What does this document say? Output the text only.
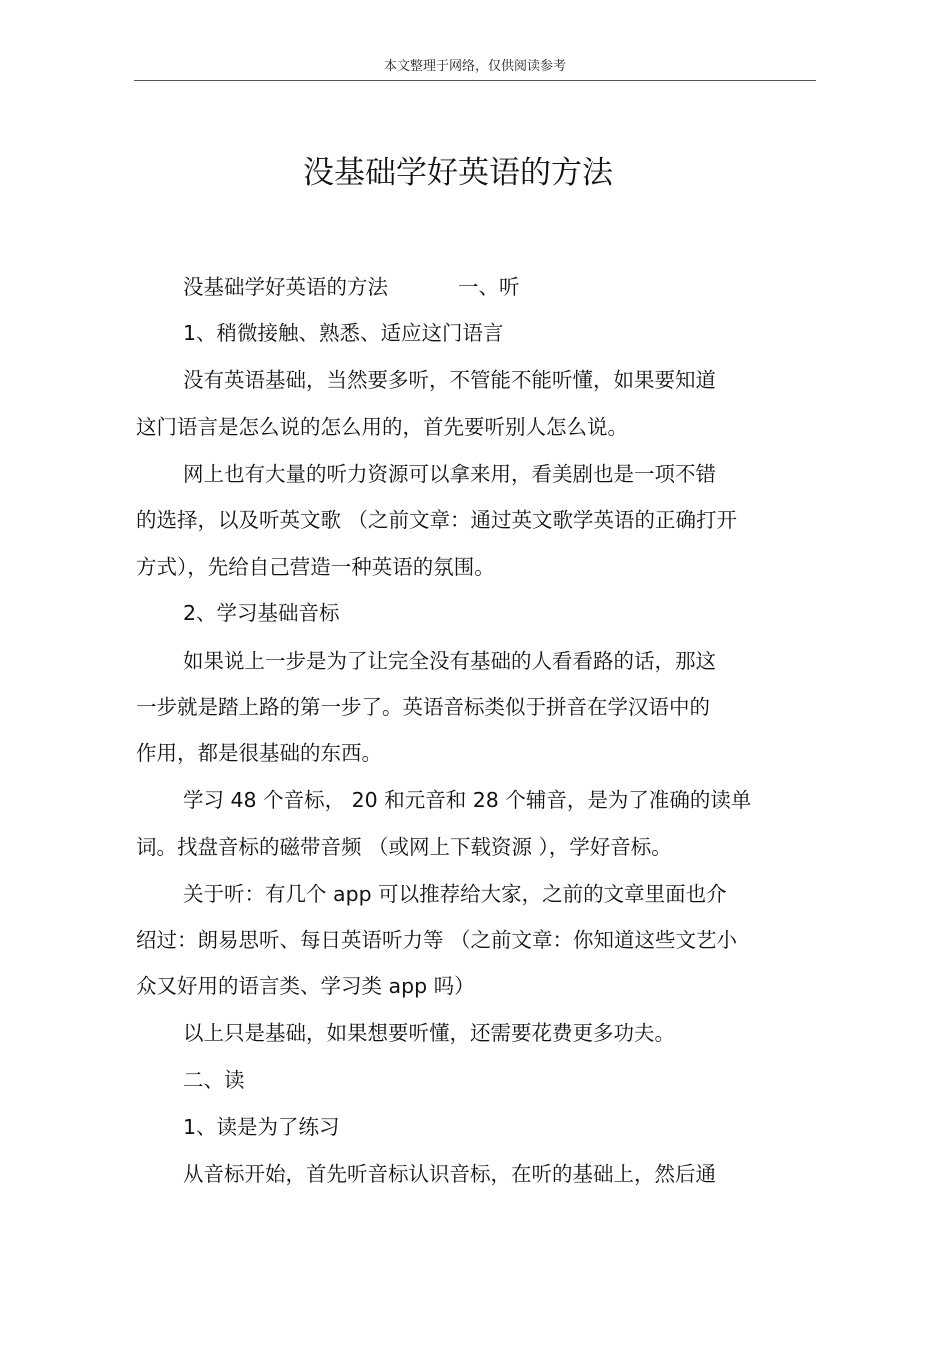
本文整理于网络，仅供阅读参考
没基础学好英语的方法
没基础学好英语的方法	一、听
1、稍微接触、熟悉、适应这门语言
没有英语基础，当然要多听，不管能不能听懂，如果要知道
这门语言是怎么说的怎么用的，首先要听别人怎么说。
网上也有大量的听力资源可以拿来用，看美剧也是一项不错
的选择，以及听英文歌 （之前文章：通过英文歌学英语的正确打开
方式），先给自己营造一种英语的氛围。
2、学习基础音标
如果说上一步是为了让完全没有基础的人看看路的话，那这
一步就是踏上路的第一步了。英语音标类似于拼音在学汉语中的
作用，都是很基础的东西。
学习 48 个音标， 20 和元音和 28 个辅音，是为了准确的读单
词。找盘音标的磁带音频 （或网上下载资源 ），学好音标。
关于听：有几个 app 可以推荐给大家，之前的文章里面也介
绍过：朗易思听、每日英语听力等 （之前文章：你知道这些文艺小
众又好用的语言类、学习类 app 吗）
以上只是基础，如果想要听懂，还需要花费更多功夫。
二、读
1、读是为了练习
从音标开始，首先听音标认识音标，在听的基础上，然后通
